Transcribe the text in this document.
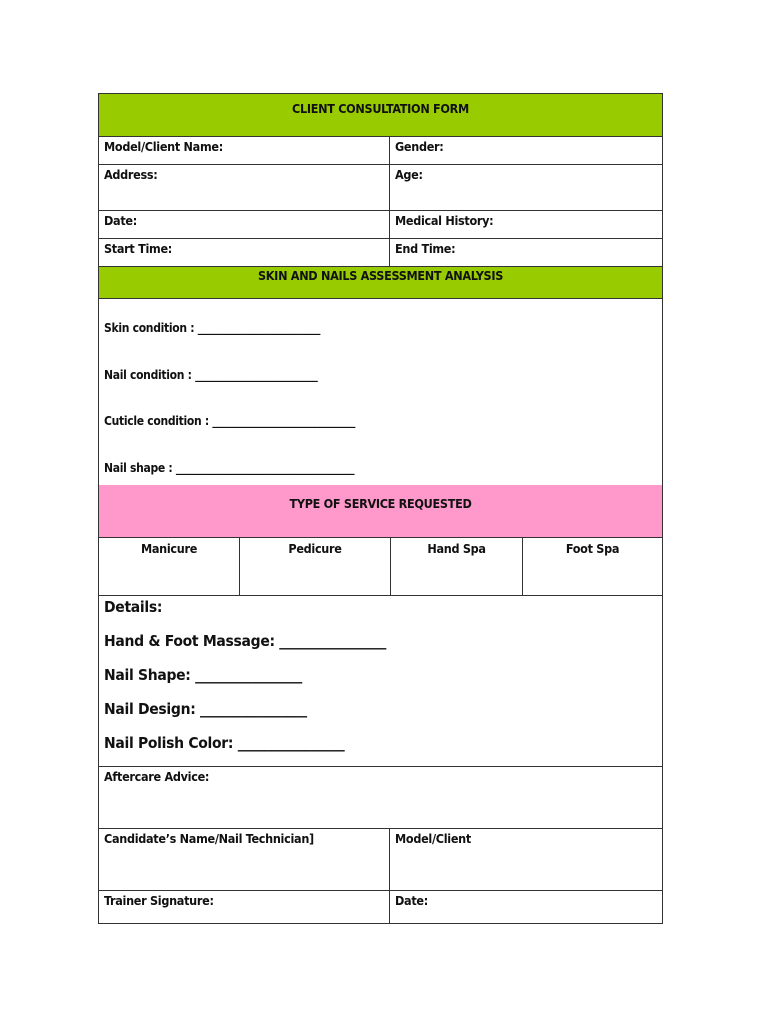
CLIENT CONSULTATION FORM
Model/Client Name:	Gender:
Address:	Age:
Date:	Medical History:
Start Time:	End Time:
SKIN AND NAILS ASSESSMENT ANALYSIS
Skin condition : ________________________
Nail condition : ________________________
Cuticle condition : ____________________________
Nail shape : ___________________________________
TYPE OF SERVICE REQUESTED
Manicure	Pedicure	Hand Spa	Foot Spa
Details:
Hand & Foot Massage: ________________
Nail Shape: ________________
Nail Design: ________________
Nail Polish Color: ________________
Aftercare Advice:
Candidate’s Name/Nail Technician]	Model/Client
Trainer Signature:	Date:
